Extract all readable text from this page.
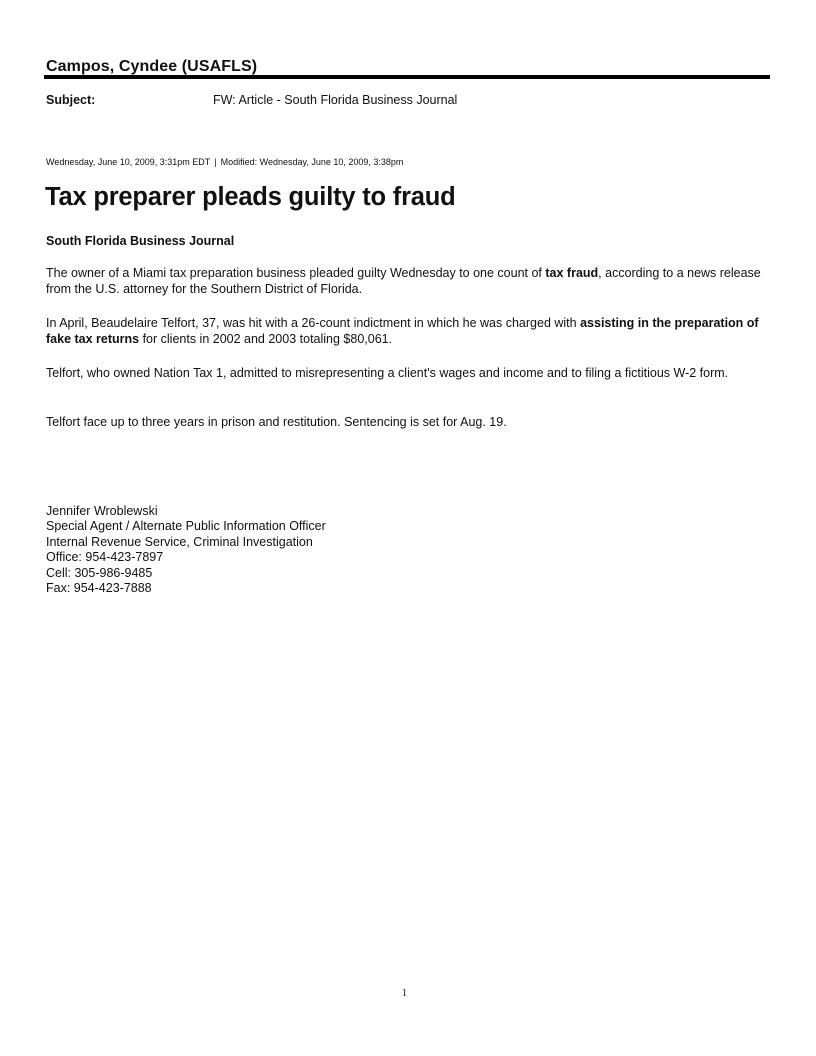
Campos, Cyndee (USAFLS)
Subject:	FW: Article - South Florida Business Journal
Wednesday, June 10, 2009, 3:31pm EDT | Modified: Wednesday, June 10, 2009, 3:38pm
Tax preparer pleads guilty to fraud
South Florida Business Journal

The owner of a Miami tax preparation business pleaded guilty Wednesday to one count of tax fraud, according to a news release from the U.S. attorney for the Southern District of Florida.

In April, Beaudelaire Telfort, 37, was hit with a 26-count indictment in which he was charged with assisting in the preparation of fake tax returns for clients in 2002 and 2003 totaling $80,061.

Telfort, who owned Nation Tax 1, admitted to misrepresenting a client's wages and income and to filing a fictitious W-2 form.

Telfort face up to three years in prison and restitution. Sentencing is set for Aug. 19.

Jennifer Wroblewski
Special Agent / Alternate Public Information Officer
Internal Revenue Service, Criminal Investigation
Office: 954-423-7897
Cell: 305-986-9485
Fax: 954-423-7888
1
